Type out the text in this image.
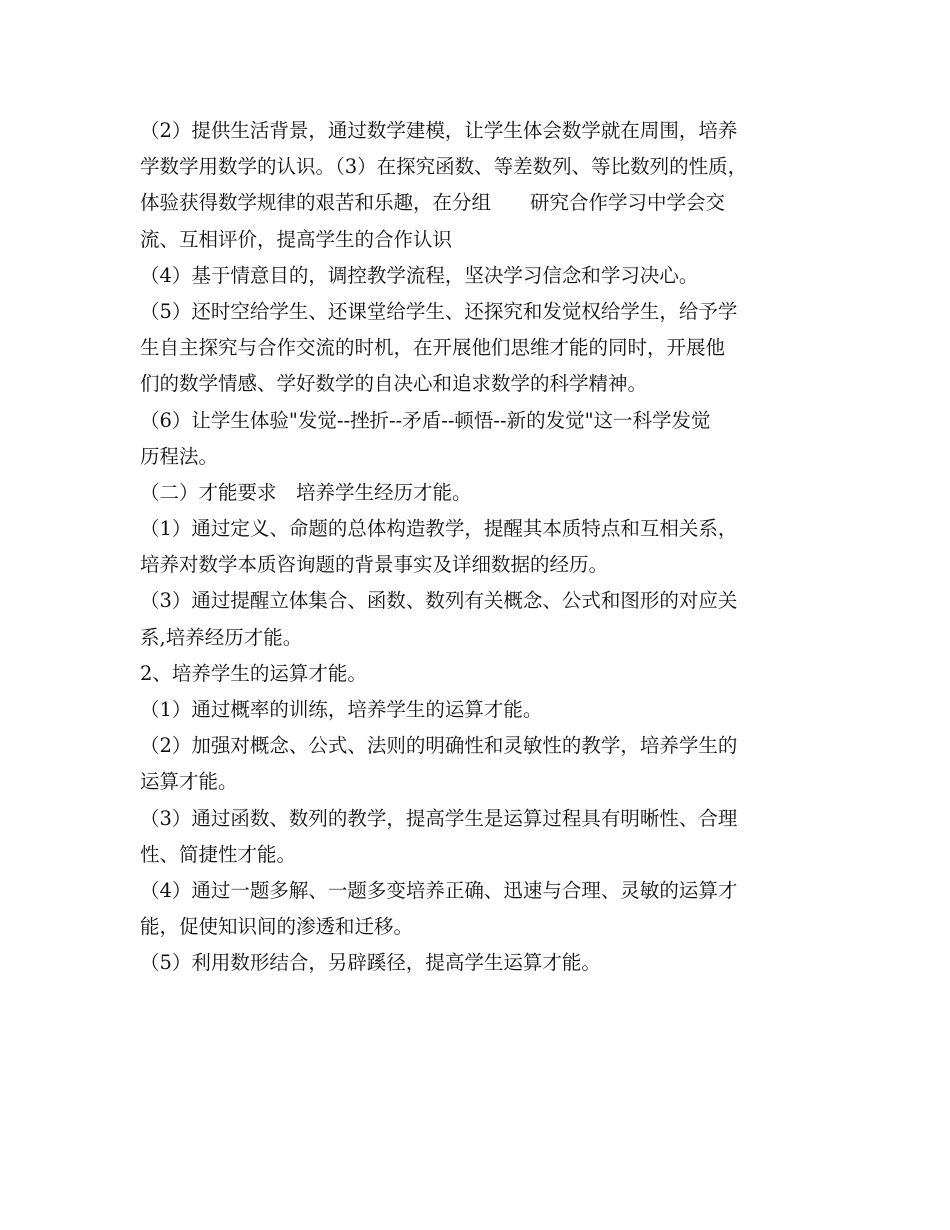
（2）提供生活背景，通过数学建模，让学生体会数学就在周围，培养
学数学用数学的认识。（3）在探究函数、等差数列、等比数列的性质，
体验获得数学规律的艰苦和乐趣，在分组　　研究合作学习中学会交
流、互相评价，提高学生的合作认识
（4）基于情意目的，调控教学流程，坚决学习信念和学习决心。
（5）还时空给学生、还课堂给学生、还探究和发觉权给学生，给予学
生自主探究与合作交流的时机，在开展他们思维才能的同时，开展他
们的数学情感、学好数学的自决心和追求数学的科学精神。
（6）让学生体验"发觉--挫折--矛盾--顿悟--新的发觉"这一科学发觉
历程法。
（二）才能要求　培养学生经历才能。
（1）通过定义、命题的总体构造教学，提醒其本质特点和互相关系，
培养对数学本质咨询题的背景事实及详细数据的经历。
（3）通过提醒立体集合、函数、数列有关概念、公式和图形的对应关
系,培养经历才能。
2、培养学生的运算才能。
（1）通过概率的训练，培养学生的运算才能。
（2）加强对概念、公式、法则的明确性和灵敏性的教学，培养学生的
运算才能。
（3）通过函数、数列的教学，提高学生是运算过程具有明晰性、合理
性、简捷性才能。
（4）通过一题多解、一题多变培养正确、迅速与合理、灵敏的运算才
能，促使知识间的渗透和迁移。
（5）利用数形结合，另辟蹊径，提高学生运算才能。
